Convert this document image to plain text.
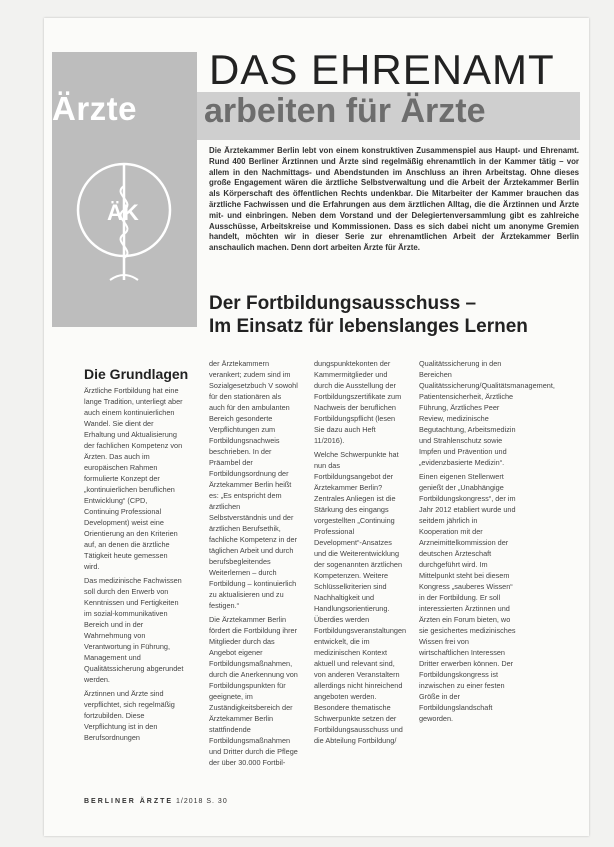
DAS EHRENAMT
Ärzte arbeiten für Ärzte
ÄK
Die Ärztekammer Berlin lebt von einem konstruktiven Zusammenspiel aus Haupt- und Ehrenamt. Rund 400 Berliner Ärztinnen und Ärzte sind regelmäßig ehrenamtlich in der Kammer tätig – vor allem in den Nachmittags- und Abendstunden im Anschluss an ihren Arbeitstag. Ohne dieses große Engagement wären die ärztliche Selbstverwaltung und die Arbeit der Ärztekammer Berlin als Körperschaft des öffentlichen Rechts undenkbar. Die Mitarbeiter der Kammer brauchen das ärztliche Fachwissen und die Erfahrungen aus dem ärztlichen Alltag, die die Ärztinnen und Ärzte mit- und einbringen. Neben dem Vorstand und der Delegiertenversammlung gibt es zahlreiche Ausschüsse, Arbeitskreise und Kommissionen. Dass es sich dabei nicht um anonyme Gremien handelt, möchten wir in dieser Serie zur ehrenamtlichen Arbeit der Ärztekammer Berlin anschaulich machen. Denn dort arbeiten Ärzte für Ärzte.
Der Fortbildungsausschuss –
Im Einsatz für lebenslanges Lernen
Die Grundlagen

Ärztliche Fortbildung hat eine lange Tradition, unterliegt aber auch einem kontinuierlichen Wandel. Sie dient der Erhaltung und Aktualisierung der fachlichen Kompetenz von Ärzten. Das auch im europäischen Rahmen formulierte Konzept der „kontinuierlichen beruflichen Entwicklung“ (CPD, Continuing Professional Development) weist eine Orientierung an den Kriterien auf, an denen die ärztliche Tätigkeit heute gemessen wird.

Das medizinische Fachwissen soll durch den Erwerb von Kenntnissen und Fertigkeiten im sozial-kommunikativen Bereich und in der Wahrnehmung von Verantwortung in Führung, Management und Qualitätssicherung abgerundet werden.

Ärztinnen und Ärzte sind verpflichtet, sich regelmäßig fortzubilden. Diese Verpflichtung ist in den Berufsordnungen

der Ärztekammern verankert; zudem sind im Sozialgesetzbuch V sowohl für den stationären als auch für den ambulanten Bereich gesonderte Verpflichtungen zum Fortbildungsnachweis beschrieben. In der Präambel der Fortbildungsordnung der Ärztekammer Berlin heißt es: „Es entspricht dem ärztlichen Selbstverständnis und der ärztlichen Berufsethik, fachliche Kompetenz in der täglichen Arbeit und durch berufsbegleitendes Weiterlernen – durch Fortbildung – kontinuierlich zu aktualisieren und zu festigen.“

Die Ärztekammer Berlin fördert die Fortbildung ihrer Mitglieder durch das Angebot eigener Fortbildungsmaßnahmen, durch die Anerkennung von Fortbildungspunkten für geeignete, im Zuständigkeitsbereich der Ärztekammer Berlin stattfindende Fortbildungsmaßnahmen und Dritter durch die Pflege der über 30.000 Fortbil-

dungspunktekonten der Kammermitglieder und durch die Ausstellung der Fortbildungszertifikate zum Nachweis der beruflichen Fortbildungspflicht (lesen Sie dazu auch Heft 11/2016).

Welche Schwerpunkte hat nun das Fortbildungsangebot der Ärztekammer Berlin? Zentrales Anliegen ist die Stärkung des eingangs vorgestellten „Continuing Professional Development“-Ansatzes und die Weiterentwicklung der sogenannten ärztlichen Kompetenzen. Weitere Schlüsselkriterien sind Nachhaltigkeit und Handlungsorientierung. Überdies werden Fortbildungsveranstaltungen entwickelt, die im medizinischen Kontext aktuell und relevant sind, von anderen Veranstaltern allerdings nicht hinreichend angeboten werden. Besondere thematische Schwerpunkte setzen der Fortbildungsausschuss und die Abteilung Fortbildung/

Qualitätssicherung in den Bereichen Qualitätssicherung/Qualitätsmanagement, Patientensicherheit, Ärztliche Führung, Ärztliches Peer Review, medizinische Begutachtung, Arbeitsmedizin und Strahlenschutz sowie Impfen und Prävention und „evidenzbasierte Medizin“.

Einen eigenen Stellenwert genießt der „Unabhängige Fortbildungskongress“, der im Jahr 2012 etabliert wurde und seitdem jährlich in Kooperation mit der Arzneimittelkommission der deutschen Ärzteschaft durchgeführt wird. Im Mittelpunkt steht bei diesem Kongress „sauberes Wissen“ in der Fortbildung. Er soll interessierten Ärztinnen und Ärzten ein Forum bieten, wo sie gesichertes medizinisches Wissen frei von wirtschaftlichen Interessen Dritter erwerben können. Der Fortbildungskongress ist inzwischen zu einer festen Größe in der Fortbildungslandschaft geworden.

BERLINER ÄRZTE 1/2018 S. 30
